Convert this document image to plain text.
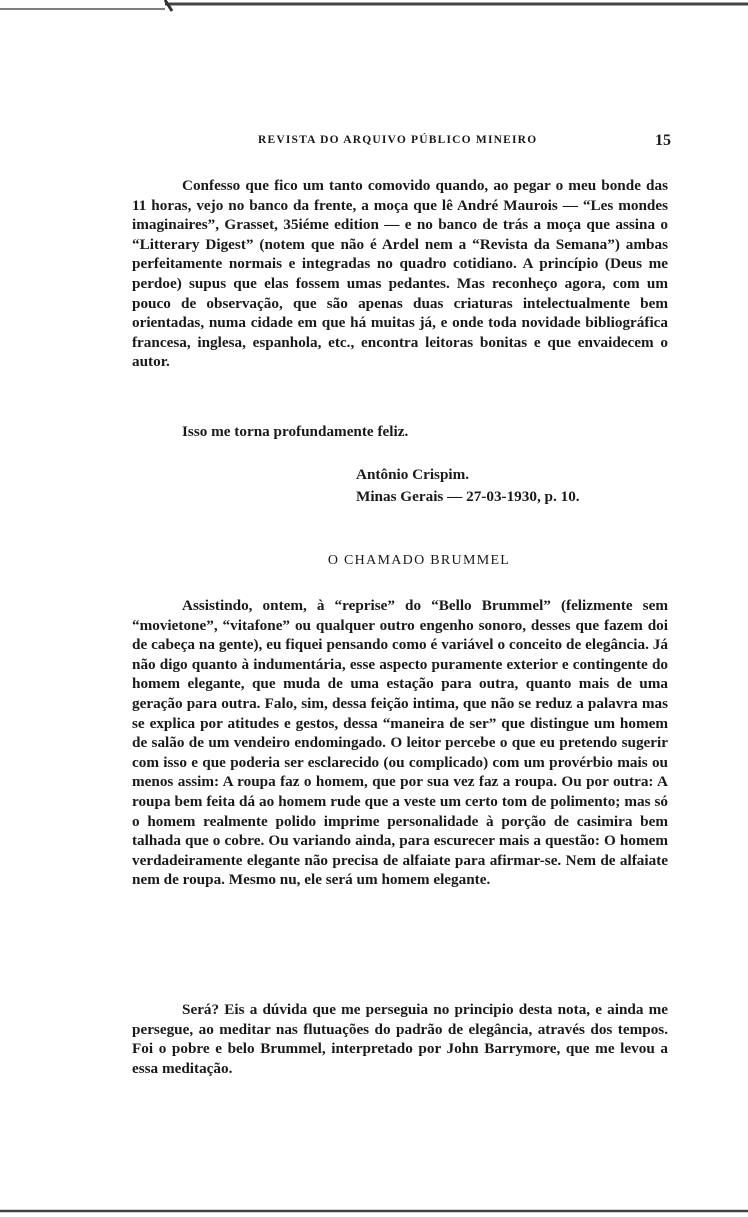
REVISTA DO ARQUIVO PÚBLICO MINEIRO	15

Confesso que fico um tanto comovido quando, ao pegar o meu bonde das 11 horas, vejo no banco da frente, a moça que lê André Maurois — “Les mondes imaginaires”, Grasset, 35iéme edition — e no banco de trás a moça que assina o “Litterary Digest” (notem que não é Ardel nem a “Revista da Semana”) ambas perfeitamente normais e integradas no quadro cotidiano. A princípio (Deus me perdoe) supus que elas fossem umas pedantes. Mas reconheço agora, com um pouco de observação, que são apenas duas criaturas intelectualmente bem orientadas, numa cidade em que há muitas já, e onde toda novidade bibliográfica francesa, inglesa, espanhola, etc., encontra leitoras bonitas e que envaidecem o autor.

Isso me torna profundamente feliz.

Antônio Crispim.
Minas Gerais — 27-03-1930, p. 10.
O CHAMADO BRUMMEL

Assistindo, ontem, à “reprise” do “Bello Brummel” (felizmente sem “movietone”, “vitafone” ou qualquer outro engenho sonoro, desses que fazem doi de cabeça na gente), eu fiquei pensando como é variável o conceito de elegância. Já não digo quanto à indumentária, esse aspecto puramente exterior e contingente do homem elegante, que muda de uma estação para outra, quanto mais de uma geração para outra. Falo, sim, dessa feição intima, que não se reduz a palavra mas se explica por atitudes e gestos, dessa “maneira de ser” que distingue um homem de salão de um vendeiro endomingado. O leitor percebe o que eu pretendo sugerir com isso e que poderia ser esclarecido (ou complicado) com um provérbio mais ou menos assim: A roupa faz o homem, que por sua vez faz a roupa. Ou por outra: A roupa bem feita dá ao homem rude que a veste um certo tom de polimento; mas só o homem realmente polido imprime personalidade à porção de casimira bem talhada que o cobre. Ou variando ainda, para escurecer mais a questão: O homem verdadeiramente elegante não precisa de alfaiate para afirmar-se. Nem de alfaiate nem de roupa. Mesmo nu, ele será um homem elegante.

Será? Eis a dúvida que me perseguia no principio desta nota, e ainda me persegue, ao meditar nas flutuações do padrão de elegância, através dos tempos. Foi o pobre e belo Brummel, interpretado por John Barrymore, que me levou a essa meditação.
